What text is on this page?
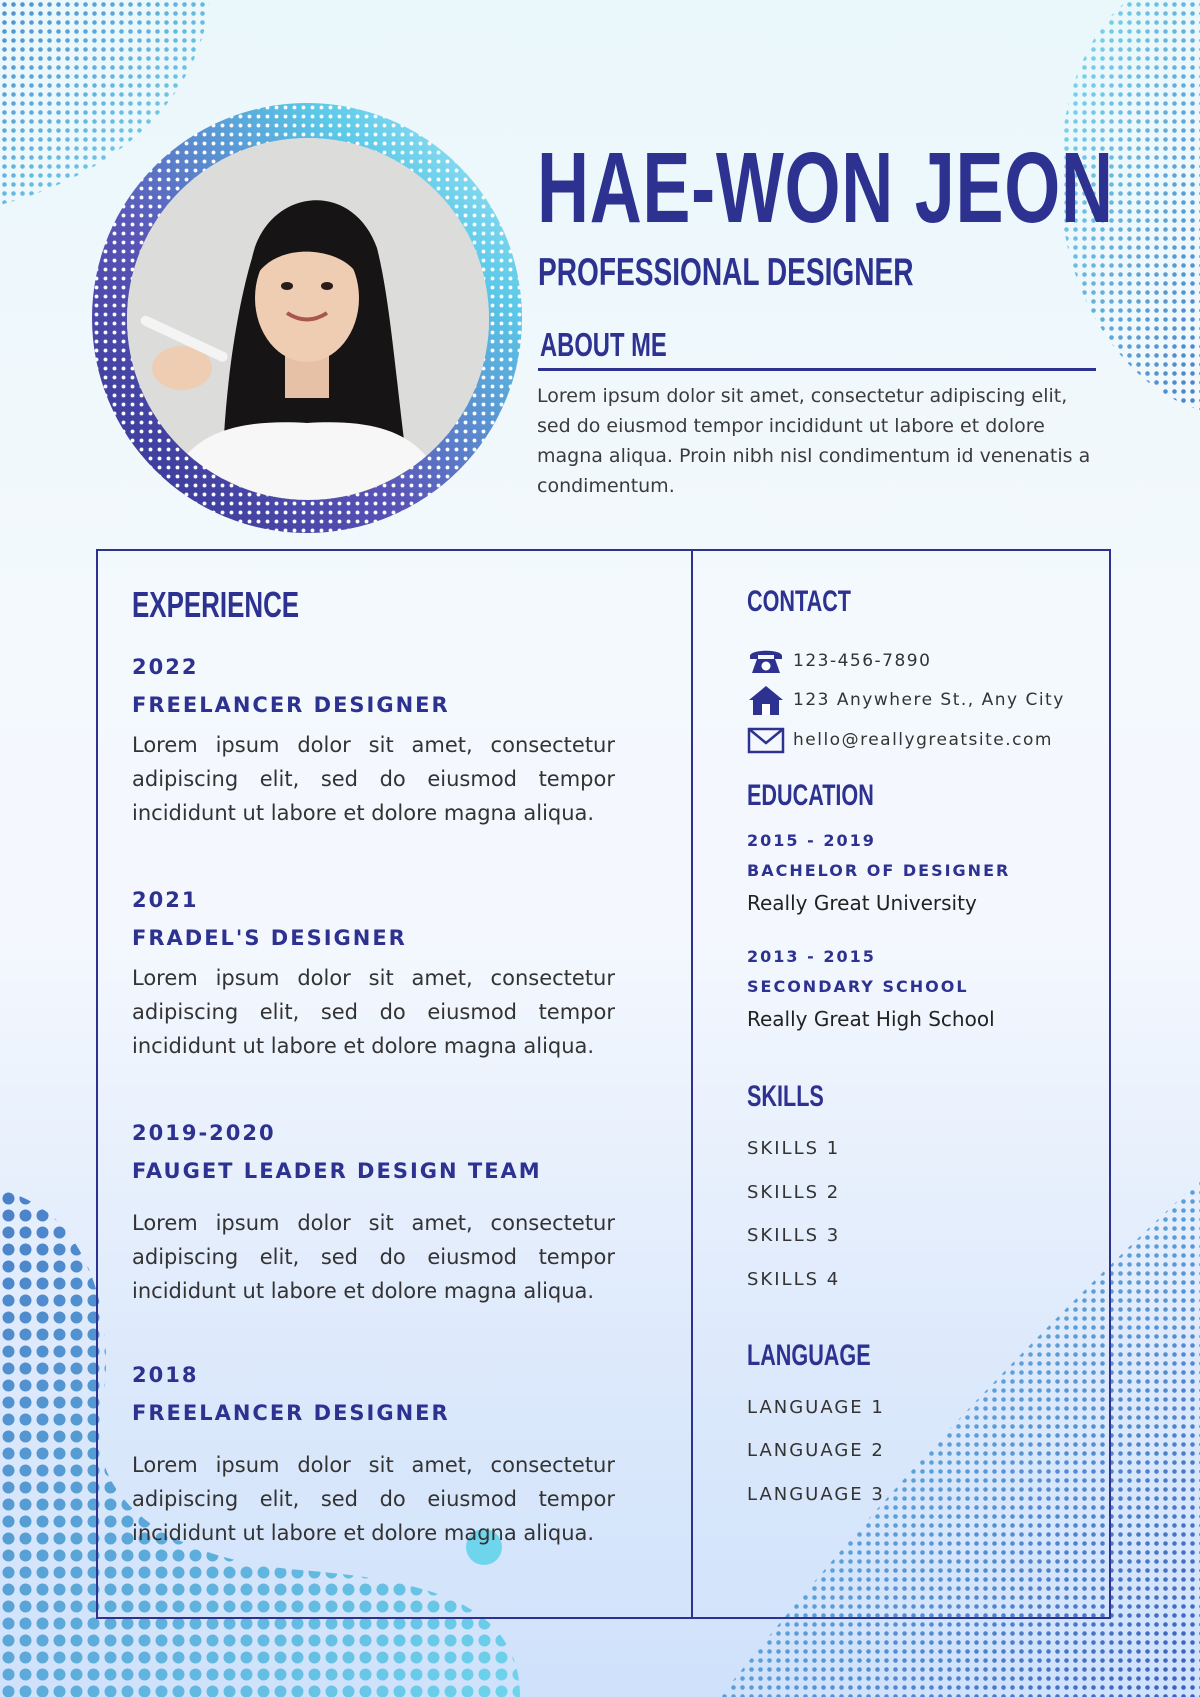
HAE-WON JEON
PROFESSIONAL DESIGNER
ABOUT ME
Lorem ipsum dolor sit amet, consectetur adipiscing elit, sed do eiusmod tempor incididunt ut labore et dolore magna aliqua. Proin nibh nisl condimentum id venenatis a condimentum.
EXPERIENCE
2022
FREELANCER DESIGNER
Lorem ipsum dolor sit amet, consectetur adipiscing elit, sed do eiusmod tempor incididunt ut labore et dolore magna aliqua.
2021
FRADEL'S DESIGNER
Lorem ipsum dolor sit amet, consectetur adipiscing elit, sed do eiusmod tempor incididunt ut labore et dolore magna aliqua.
2019-2020
FAUGET LEADER DESIGN TEAM
Lorem ipsum dolor sit amet, consectetur adipiscing elit, sed do eiusmod tempor incididunt ut labore et dolore magna aliqua.
2018
FREELANCER DESIGNER
Lorem ipsum dolor sit amet, consectetur adipiscing elit, sed do eiusmod tempor incididunt ut labore et dolore magna aliqua.
CONTACT
123-456-7890
123 Anywhere St., Any City
hello@reallygreatsite.com
EDUCATION
2015 - 2019
BACHELOR OF DESIGNER
Really Great University
2013 - 2015
SECONDARY SCHOOL
Really Great High School
SKILLS
SKILLS 1
SKILLS 2
SKILLS 3
SKILLS 4
LANGUAGE
LANGUAGE 1
LANGUAGE 2
LANGUAGE 3
